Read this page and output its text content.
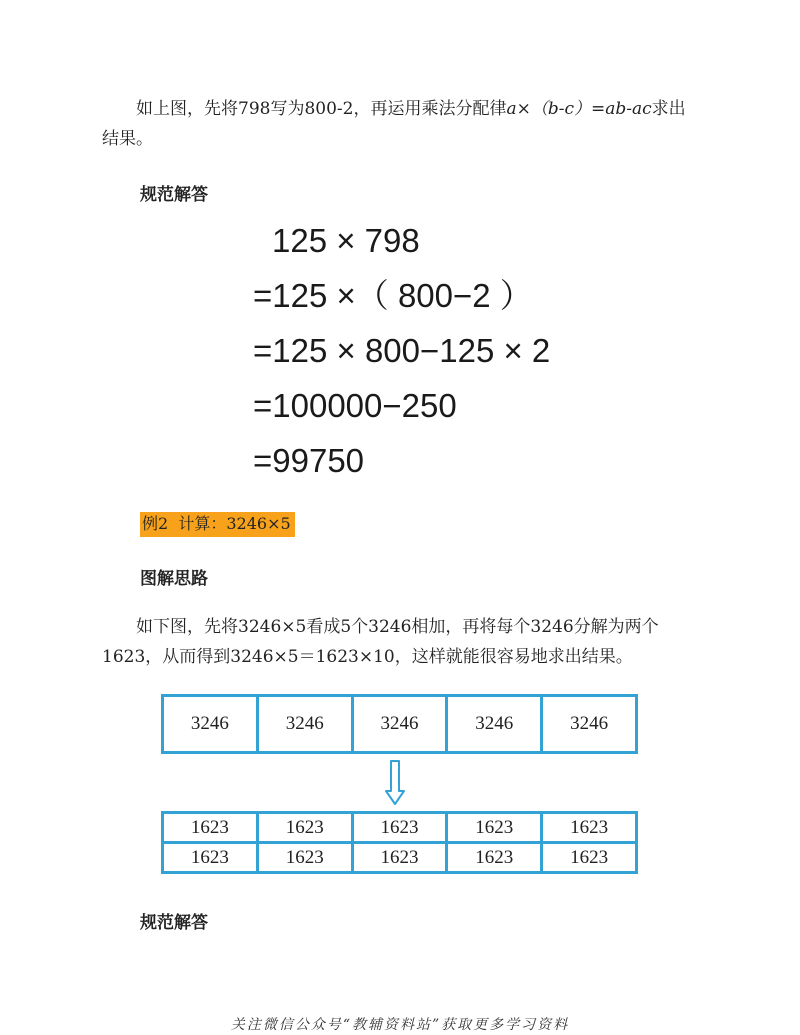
如上图，先将798写为800-2，再运用乘法分配律a×（b-c）=ab-ac求出结果。

规范解答
125 × 798
=125 ×（ 800−2 ）
=125 × 800−125 × 2
=100000−250
=99750
例2 计算：3246×5
图解思路

如下图，先将3246×5看成5个3246相加，再将每个3246分解为两个1623，从而得到3246×5＝1623×10，这样就能很容易地求出结果。

3246	3246	3246	3246	3246
1623	1623	1623	1623	1623
1623	1623	1623	1623	1623
规范解答
关注微信公众号“教辅资料站”获取更多学习资料
